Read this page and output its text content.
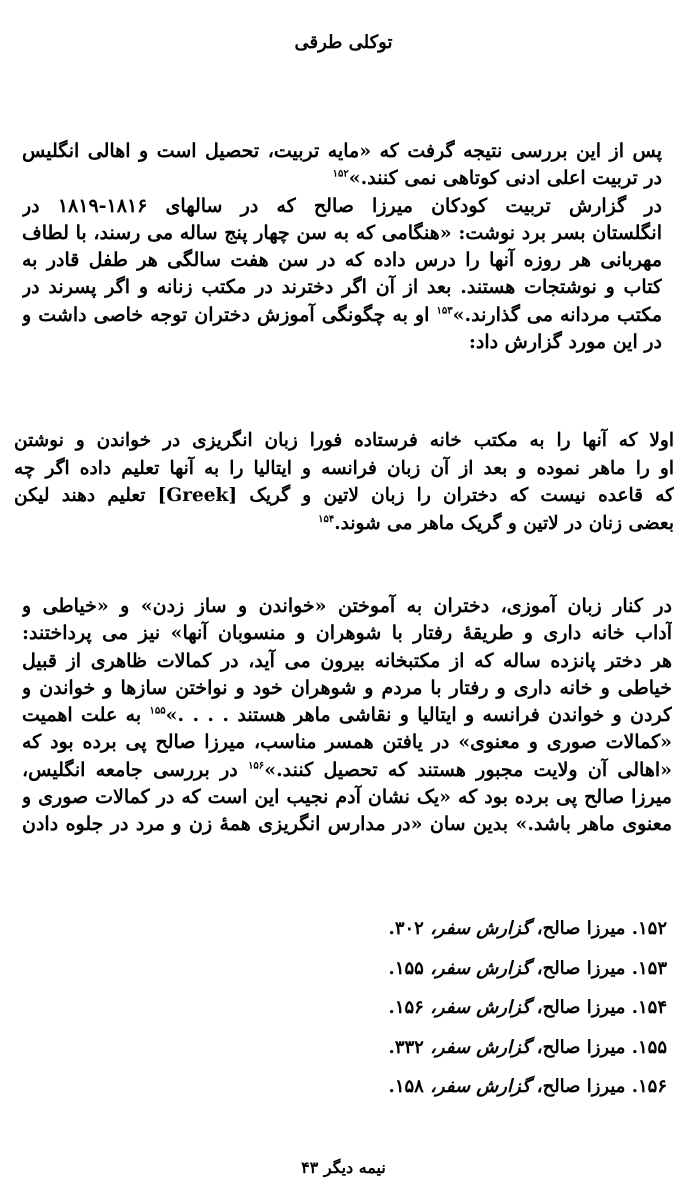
توکلی طرقی
پس از این بررسی نتیجه گرفت که «مایه تربیت، تحصیل است و اهالی انگلیس
در تربیت اعلی ادنی کوتاهی نمی کنند.»$^{۱۵۲}$
در گزارش تربیت کودکان میرزا صالح که در سالهای ۱۸۱۶-۱۸۱۹ در
انگلستان بسر برد نوشت: «هنگامی که به سن چهار پنج ساله می رسند، با لطاف
مهربانی هر روزه آنها را درس داده که در سن هفت سالگی هر طفل قادر به
کتاب و نوشتجات هستند. بعد از آن اگر دخترند در مکتب زنانه و اگر پسرند در
مکتب مردانه می گذارند.»$^{۱۵۳}$ او به چگونگی آموزش دختران توجه خاصی داشت و
در این مورد گزارش داد:
اولا که آنها را به مکتب خانه فرستاده فورا زبان انگریزی در خواندن و نوشتن
او را ماهر نموده و بعد از آن زبان فرانسه و ایتالیا را به آنها تعلیم داده اگر چه
که قاعده نیست که دختران را زبان لاتین و گریک [Greek] تعلیم دهند لیکن
بعضی زنان در لاتین و گریک ماهر می شوند.$^{۱۵۴}$
در کنار زبان آموزی، دختران به آموختن «خواندن و ساز زدن» و «خیاطی و
آداب خانه داری و طریقهٔ رفتار با شوهران و منسوبان آنها» نیز می پرداختند:
هر دختر پانزده ساله که از مکتبخانه بیرون می آید، در کمالات ظاهری از قبیل
خیاطی و خانه داری و رفتار با مردم و شوهران خود و نواختن سازها و خواندن و
کردن و خواندن فرانسه و ایتالیا و نقاشی ماهر هستند . . . .»$^{۱۵۵}$ به علت اهمیت
«کمالات صوری و معنوی» در یافتن همسر مناسب، میرزا صالح پی برده بود که
«اهالی آن ولایت مجبور هستند که تحصیل کنند.»$^{۱۵۶}$ در بررسی جامعه انگلیس،
میرزا صالح پی برده بود که «یک نشان آدم نجیب این است که در کمالات صوری و
معنوی ماهر باشد.» بدین سان «در مدارس انگریزی همهٔ زن و مرد در جلوه دادن
۱۵۲. میرزا صالح، گزارش سفر، ۳۰۲.
۱۵۳. میرزا صالح، گزارش سفر، ۱۵۵.
۱۵۴. میرزا صالح، گزارش سفر، ۱۵۶.
۱۵۵. میرزا صالح، گزارش سفر، ۳۳۲.
۱۵۶. میرزا صالح، گزارش سفر، ۱۵۸.
نیمه دیگر ۴۳
